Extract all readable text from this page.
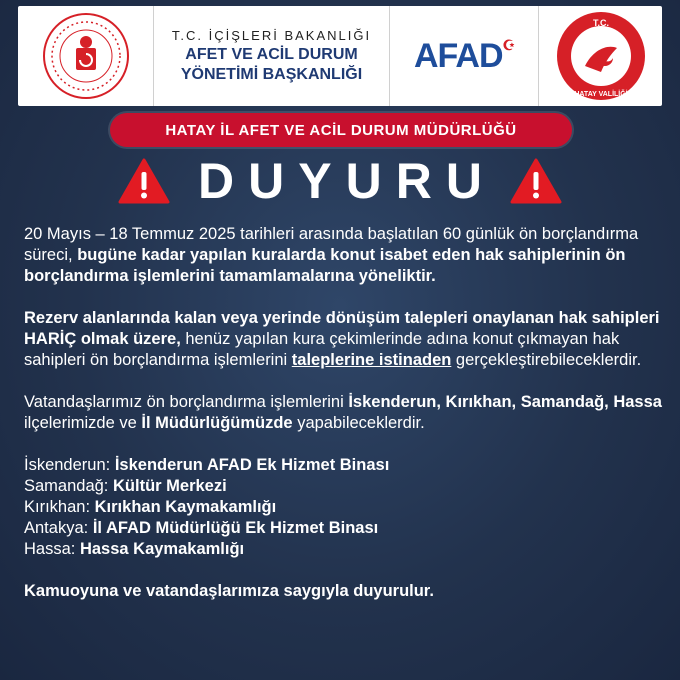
T.C. İÇİŞLERİ BAKANLIĞI
AFET VE ACİL DURUM
YÖNETİMİ BAŞKANLIĞI AFAD☪
T.C.
HATAY VALİLİĞİ
HATAY İL AFET VE ACİL DURUM MÜDÜRLÜĞÜ
DUYURU

20 Mayıs – 18 Temmuz 2025 tarihleri arasında başlatılan 60 günlük ön borçlandırma süreci, bugüne kadar yapılan kuralarda konut isabet eden hak sahiplerinin ön borçlandırma işlemlerini tamamlamalarına yöneliktir.

Rezerv alanlarında kalan veya yerinde dönüşüm talepleri onaylanan hak sahipleri HARİÇ olmak üzere, henüz yapılan kura çekimlerinde adına konut çıkmayan hak sahipleri ön borçlandırma işlemlerini taleplerine istinaden gerçekleştirebileceklerdir.

Vatandaşlarımız ön borçlandırma işlemlerini İskenderun, Kırıkhan, Samandağ, Hassa ilçelerimizde ve İl Müdürlüğümüzde yapabileceklerdir.

İskenderun: İskenderun AFAD Ek Hizmet Binası

Samandağ: Kültür Merkezi

Kırıkhan: Kırıkhan Kaymakamlığı

Antakya: İl AFAD Müdürlüğü Ek Hizmet Binası

Hassa: Hassa Kaymakamlığı

Kamuoyuna ve vatandaşlarımıza saygıyla duyurulur.
